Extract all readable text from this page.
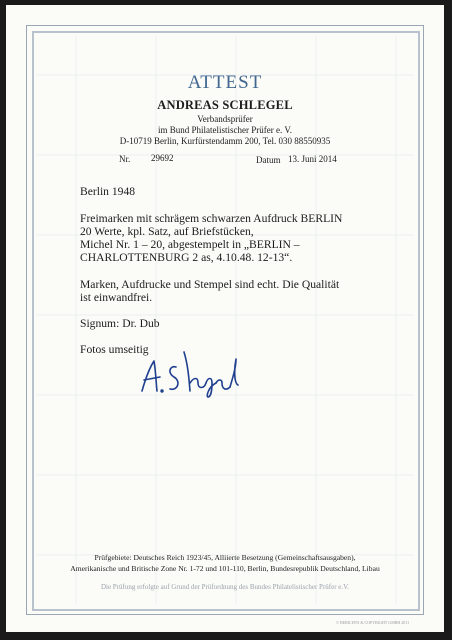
ATTEST
ANDREAS SCHLEGEL
Verbandsprüfer
im Bund Philatelistischer Prüfer e. V.
D-10719 Berlin, Kurfürstendamm 200, Tel. 030 88550935
Nr. 29692	Datum 13. Juni 2014
Berlin 1948
Freimarken mit schrägem schwarzen Aufdruck BERLIN
20 Werte, kpl. Satz, auf Briefstücken,
Michel Nr. 1 – 20, abgestempelt in „BERLIN –
CHARLOTTENBURG 2 as, 4.10.48. 12-13“.
Marken, Aufdrucke und Stempel sind echt. Die Qualität
ist einwandfrei.
Signum: Dr. Dub
Fotos umseitig
Prüfgebiete: Deutsches Reich 1923/45, Alliierte Besetzung (Gemeinschaftsausgaben),
Amerikanische und Britische Zone Nr. 1-72 und 101-110, Berlin, Bundesrepublik Deutschland, Libau
Die Prüfung erfolgte auf Grund der Prüfordnung des Bundes Philatelistischer Prüfer e.V.
© BERICHTS & COPYRIGHT GMBH 2011
